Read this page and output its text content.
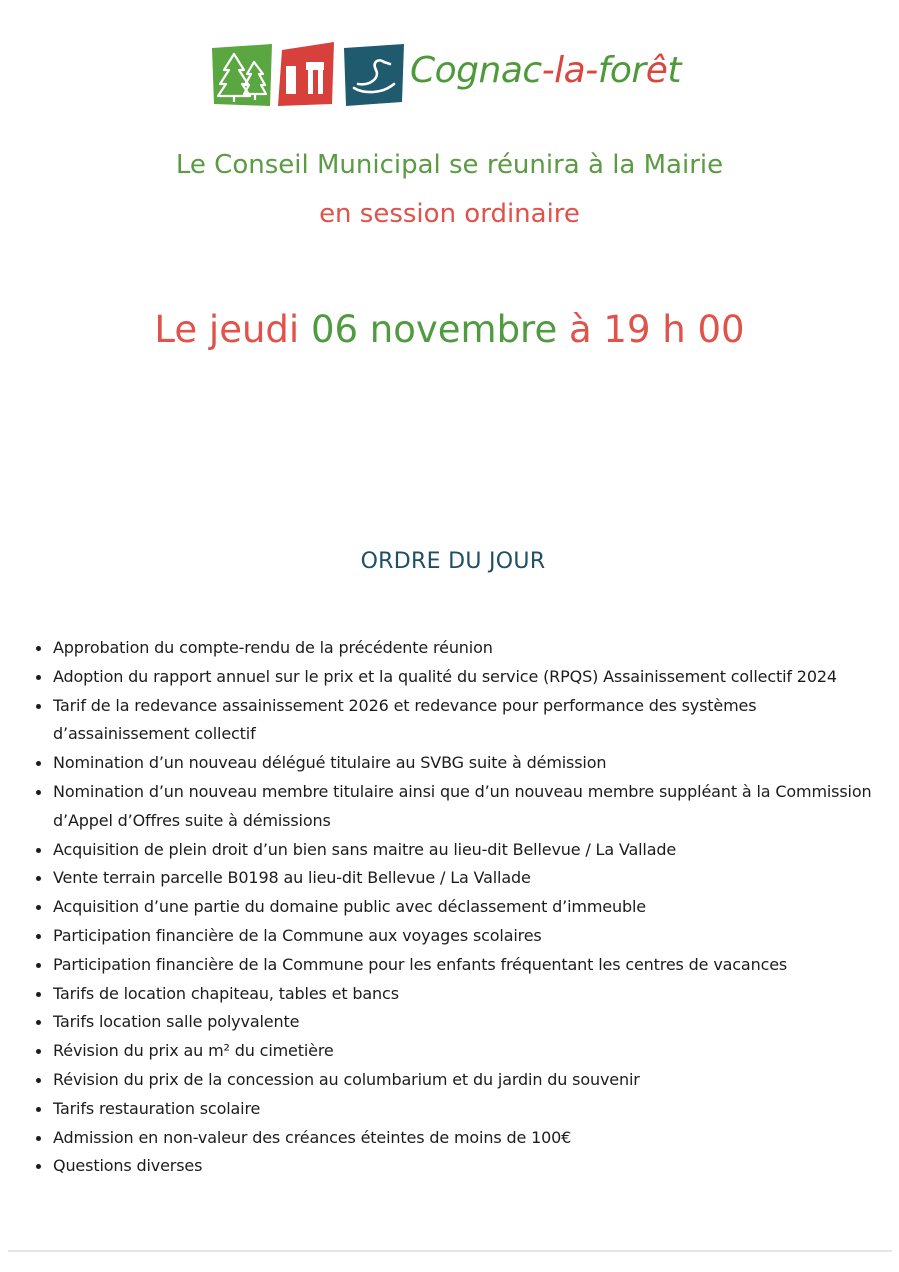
Cognac-la-forêt
Le Conseil Municipal se réunira à la Mairie
en session ordinaire
Le jeudi 06 novembre à 19 h 00
ORDRE DU JOUR
Approbation du compte-rendu de la précédente réunion
Adoption du rapport annuel sur le prix et la qualité du service (RPQS) Assainissement collectif 2024
Tarif de la redevance assainissement 2026 et redevance pour performance des systèmes d’assainissement collectif
Nomination d’un nouveau délégué titulaire au SVBG suite à démission
Nomination d’un nouveau membre titulaire ainsi que d’un nouveau membre suppléant à la Commission d’Appel d’Offres suite à démissions
Acquisition de plein droit d’un bien sans maitre au lieu-dit Bellevue / La Vallade
Vente terrain parcelle B0198 au lieu-dit Bellevue / La Vallade
Acquisition d’une partie du domaine public avec déclassement d’immeuble
Participation financière de la Commune aux voyages scolaires
Participation financière de la Commune pour les enfants fréquentant les centres de vacances
Tarifs de location chapiteau, tables et bancs
Tarifs location salle polyvalente
Révision du prix au m² du cimetière
Révision du prix de la concession au columbarium et du jardin du souvenir
Tarifs restauration scolaire
Admission en non-valeur des créances éteintes de moins de 100€
Questions diverses
